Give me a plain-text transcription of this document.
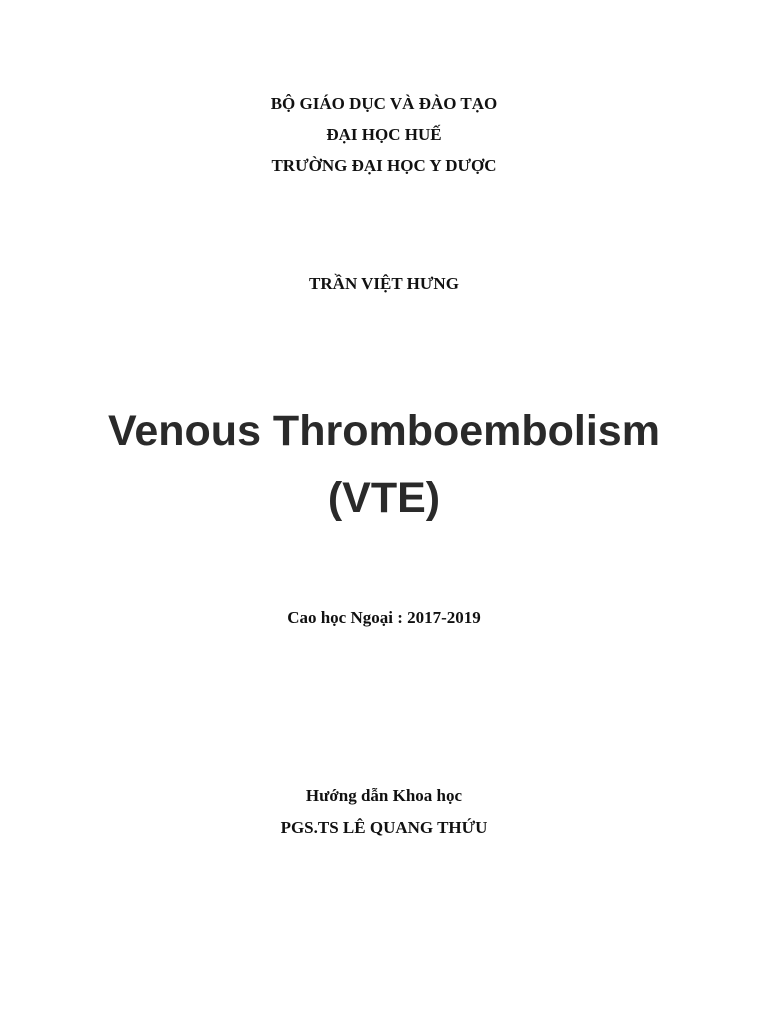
BỘ GIÁO DỤC VÀ ĐÀO TẠO
ĐẠI HỌC HUẾ
TRƯỜNG ĐẠI HỌC Y DƯỢC
TRẦN VIỆT HƯNG
Venous Thromboembolism
(VTE)
Cao học Ngoại : 2017-2019
Hướng dẫn Khoa học
PGS.TS LÊ QUANG THỨU
